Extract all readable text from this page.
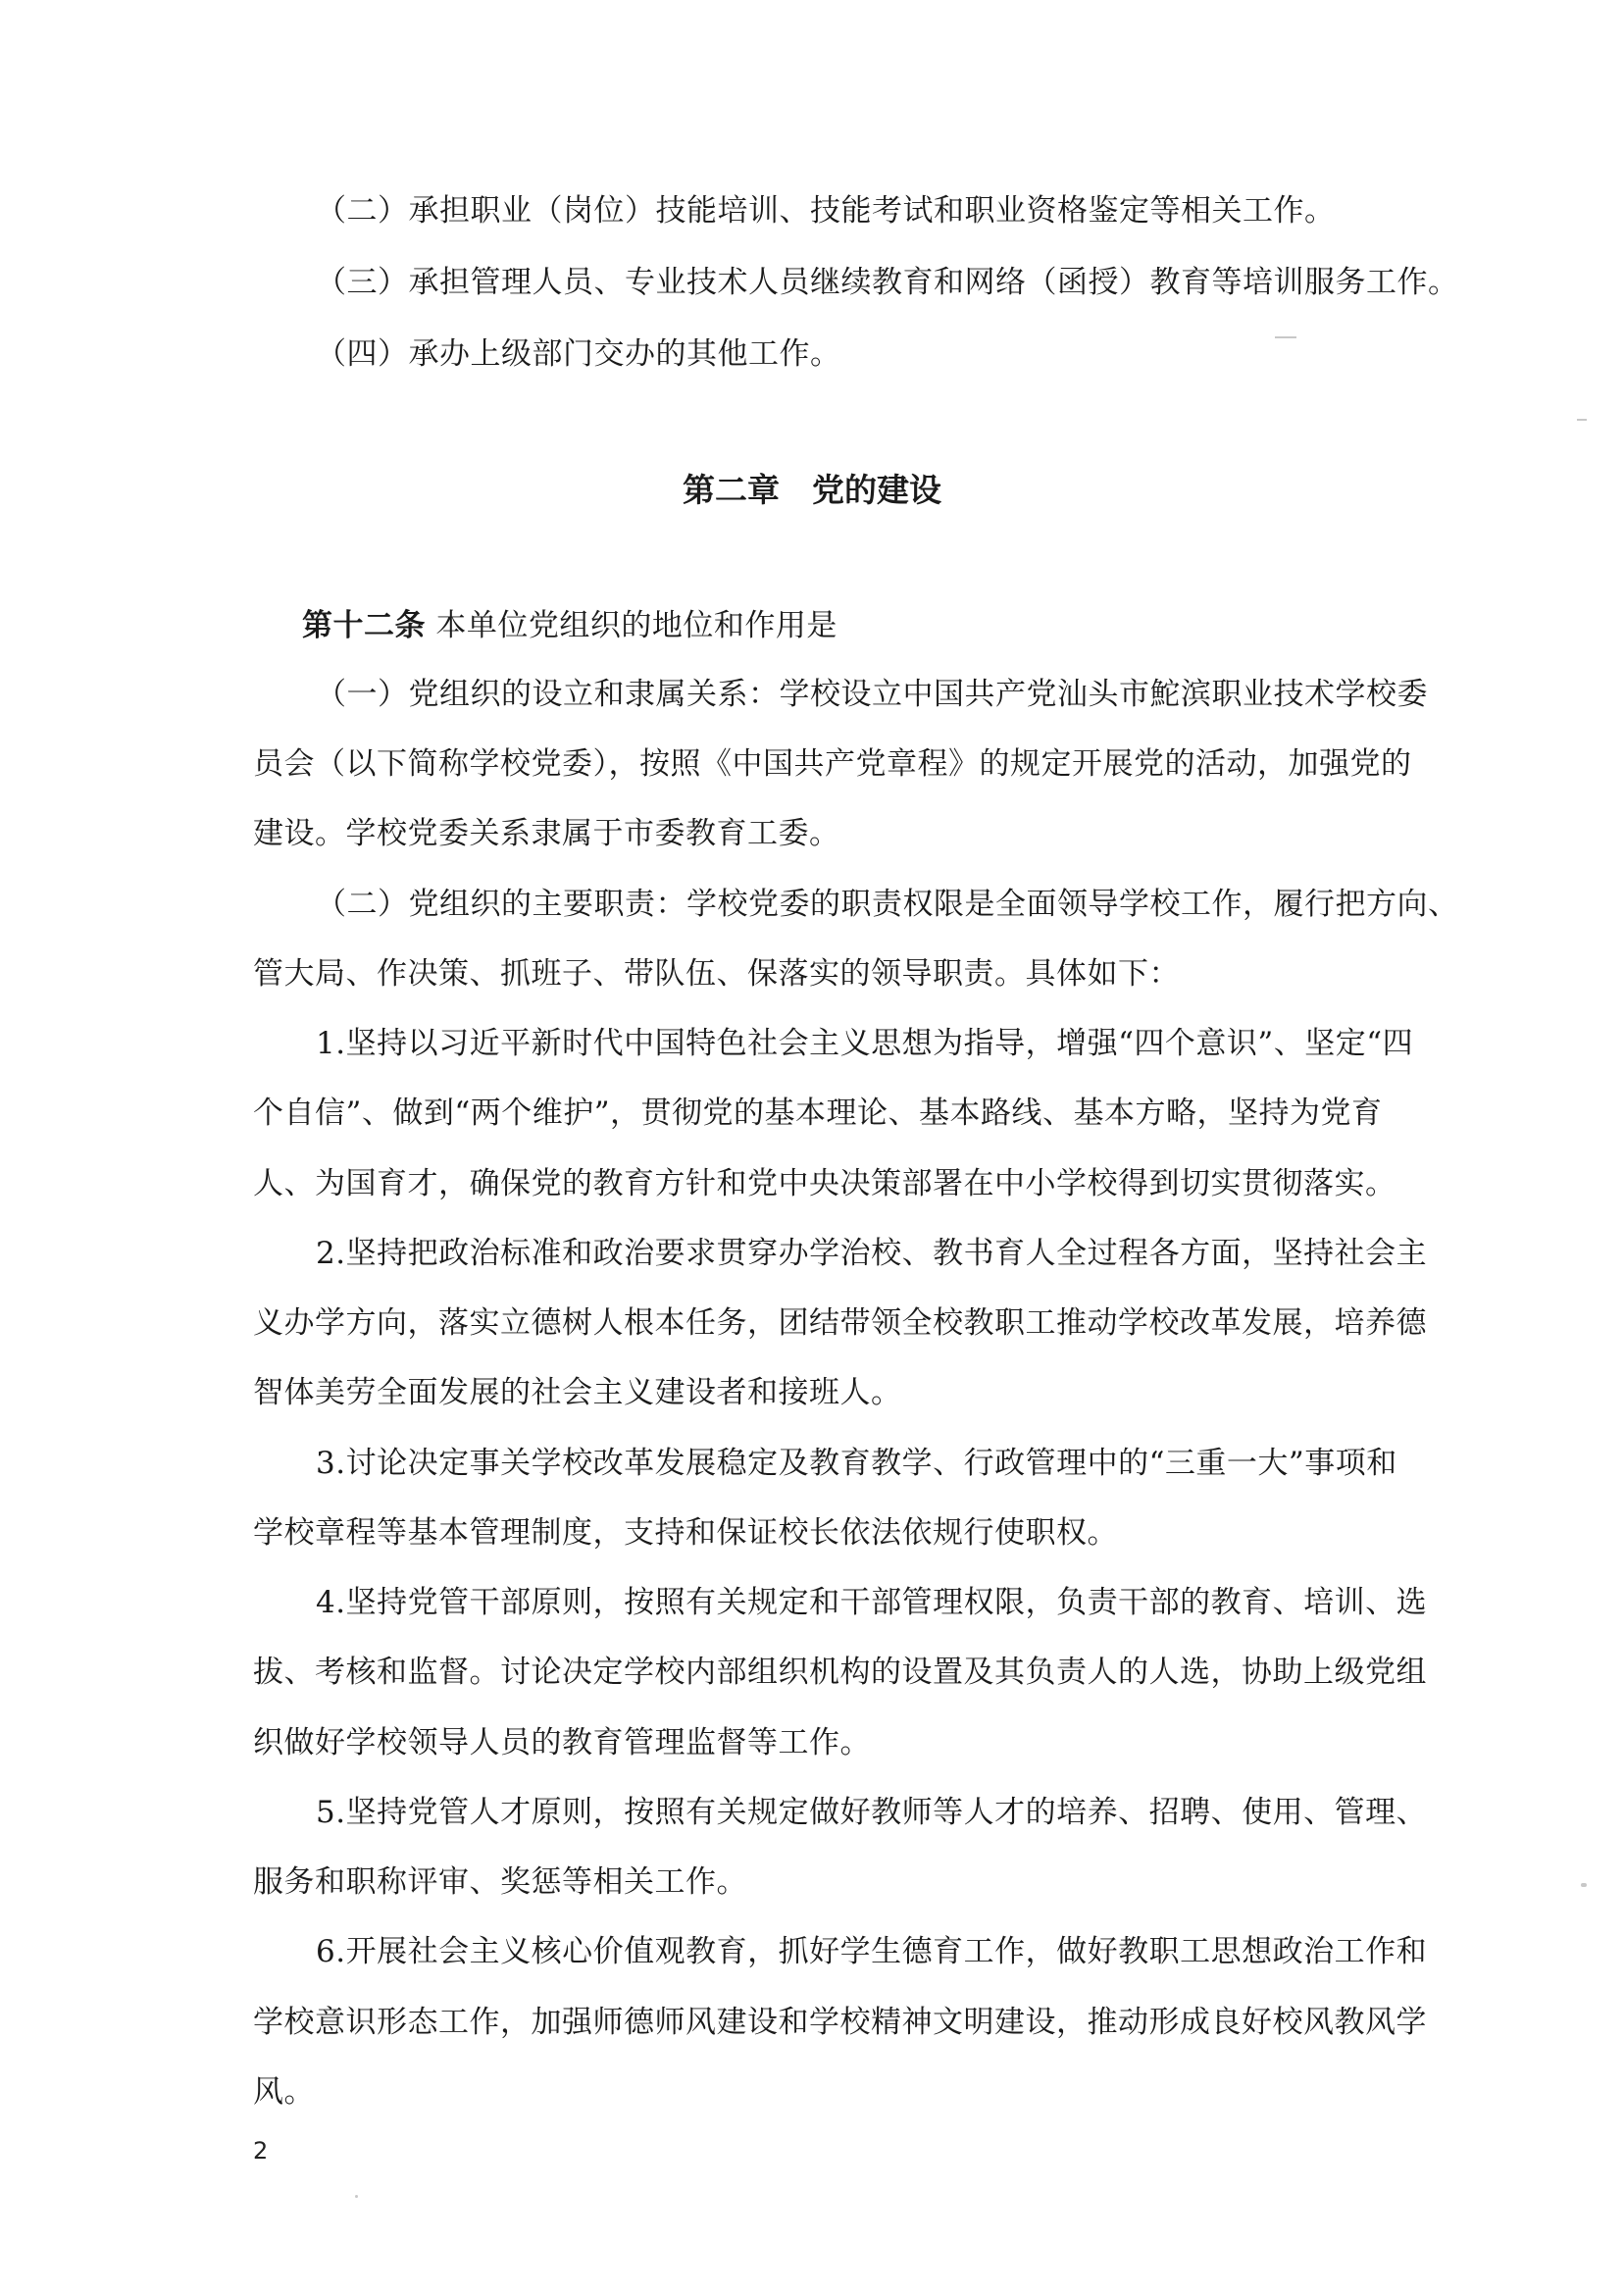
（二）承担职业（岗位）技能培训、技能考试和职业资格鉴定等相关工作。

（三）承担管理人员、专业技术人员继续教育和网络（函授）教育等培训服务工作。

（四）承办上级部门交办的其他工作。

第二章　党的建设

第十二条 本单位党组织的地位和作用是

（一）党组织的设立和隶属关系：学校设立中国共产党汕头市鮀滨职业技术学校委

员会（以下简称学校党委），按照《中国共产党章程》的规定开展党的活动，加强党的

建设。学校党委关系隶属于市委教育工委。

（二）党组织的主要职责：学校党委的职责权限是全面领导学校工作，履行把方向、

管大局、作决策、抓班子、带队伍、保落实的领导职责。具体如下：

1.坚持以习近平新时代中国特色社会主义思想为指导，增强“四个意识”、坚定“四

个自信”、做到“两个维护”，贯彻党的基本理论、基本路线、基本方略，坚持为党育

人、为国育才，确保党的教育方针和党中央决策部署在中小学校得到切实贯彻落实。

2.坚持把政治标准和政治要求贯穿办学治校、教书育人全过程各方面，坚持社会主

义办学方向，落实立德树人根本任务，团结带领全校教职工推动学校改革发展，培养德

智体美劳全面发展的社会主义建设者和接班人。

3.讨论决定事关学校改革发展稳定及教育教学、行政管理中的“三重一大”事项和

学校章程等基本管理制度，支持和保证校长依法依规行使职权。

4.坚持党管干部原则，按照有关规定和干部管理权限，负责干部的教育、培训、选

拔、考核和监督。讨论决定学校内部组织机构的设置及其负责人的人选，协助上级党组

织做好学校领导人员的教育管理监督等工作。

5.坚持党管人才原则，按照有关规定做好教师等人才的培养、招聘、使用、管理、

服务和职称评审、奖惩等相关工作。

6.开展社会主义核心价值观教育，抓好学生德育工作，做好教职工思想政治工作和

学校意识形态工作，加强师德师风建设和学校精神文明建设，推动形成良好校风教风学

风。

2
